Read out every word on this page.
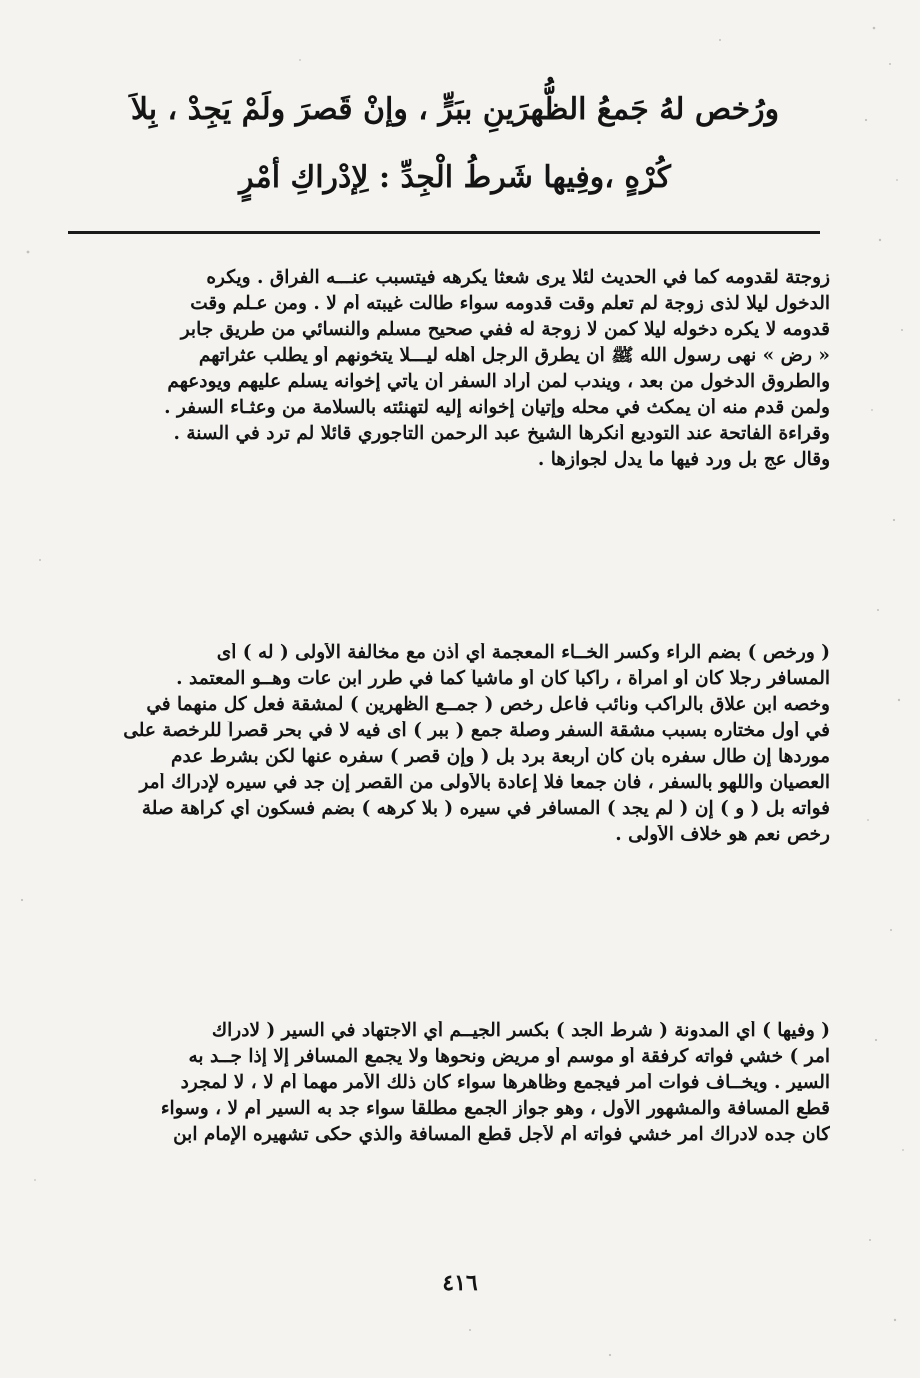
ورُخص لهُ جَمعُ الظُّهرَينِ ببَرٍّ ، وإنْ قَصرَ ولَمْ يَجِدْ ، بِلاَ
كُرْهٍ ،وفِيها شَرطُ الْجِدِّ : لِإدْراكِ أمْرٍ
زوجتة لقدومه كما في الحديث لئلا يرى شعثا يكرهه فيتسبب عنـــه الفراق . ويكره
الدخول ليلا لذى زوجة لم تعلم وقت قدومه سواء طالت غيبته أم لا . ومن عـلم وقت
قدومه لا يكره دخوله ليلا كمن لا زوجة له ففي صحيح مسلم والنسائي من طريق جابر
« رض » نهى رسول الله ﷺ أن يطرق الرجل أهله ليـــلا يتخونهم أو يطلب عثراتهم
والطروق الدخول من بعد ، ويندب لمن أراد السفر أن يأتي إخوانه يسلم عليهم ويودعهم
ولمن قدم منه أن يمكث في محله وإتيان إخوانه إليه لتهنئته بالسلامة من وعثـاء السفر .
وقراءة الفاتحة عند التوديع أنكرها الشيخ عبد الرحمن التاجوري قائلا لم ترد في السنة .
وقال عج بل ورد فيها ما يدل لجوازها .
( ورخص ) بضم الراء وكسر الخــاء المعجمة أي أذن مع مخالفة الأولى ( له ) أى
المسافر رجلا كان أو امرأة ، راكباً كان أو ماشياً كما في طرر ابن عات وهــو المعتمد .
وخصه ابن علاق بالراكب ونائب فاعل رخص ( جمــع الظهرين ) لمشقة فعل كل منهما في
في أول مختاره بسبب مشقة السفر وصلة جمع ( ببر ) أى فيه لا في بحر قصراً للرخصة على
موردها إن طال سفره بأن كان أربعة برد بل ( وإن قصر ) سفره عنها لكن بشرط عدم
العصيان واللهو بالسفر ، فان جمعا فلا إعادة بالأولى من القصر إن جد في سيره لإدراك أمر
فواته بل ( و ) إن ( لم يجد ) المسافر في سيره ( بلا كرهه ) بضم فسكون أي كراهة صلة
رخص نعم هو خلاف الأولى .
( وفيها ) أي المدونة ( شرط الجد ) بكسر الجيــم أي الاجتهاد في السير ( لادراك
امر ) خشي فواته كرفقة أو موسم أو مريض ونحوها ولا يجمع المسافر إلا إذا جــد به
السير . ويخــاف فوات أمر فيجمع وظاهرها سواء كان ذلك الأمر مهماً أم لا ، لا لمجرد
قطع المسافة والمشهور الأول ، وهو جواز الجمع مطلقاً سواء جد به السير أم لا ، وسواء
كان جده لادراك امر خشي فواته أم لأجل قطع المسافة والذي حكى تشهيره الإمام ابن
٤١٦
